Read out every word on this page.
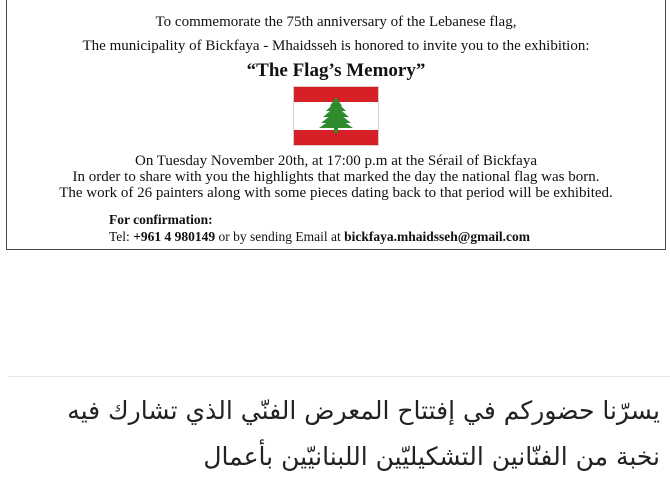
To commemorate the 75th anniversary of the Lebanese flag,
The municipality of Bickfaya - Mhaidsseh is honored to invite you to the exhibition:
“The Flag’s Memory”
On Tuesday November 20th, at 17:00 p.m at the Sérail of Bickfaya
In order to share with you the highlights that marked the day the national flag was born.
The work of 26 painters along with some pieces dating back to that period will be exhibited.
For confirmation:
Tel: +961 4 980149 or by sending Email at bickfaya.mhaidsseh@gmail.com
يسرّنا حضوركم في إفتتاح المعرض الفنّي الذي تشارك فيه نخبة من الفنّانين التشكيليّين اللبنانيّين بأعمال
